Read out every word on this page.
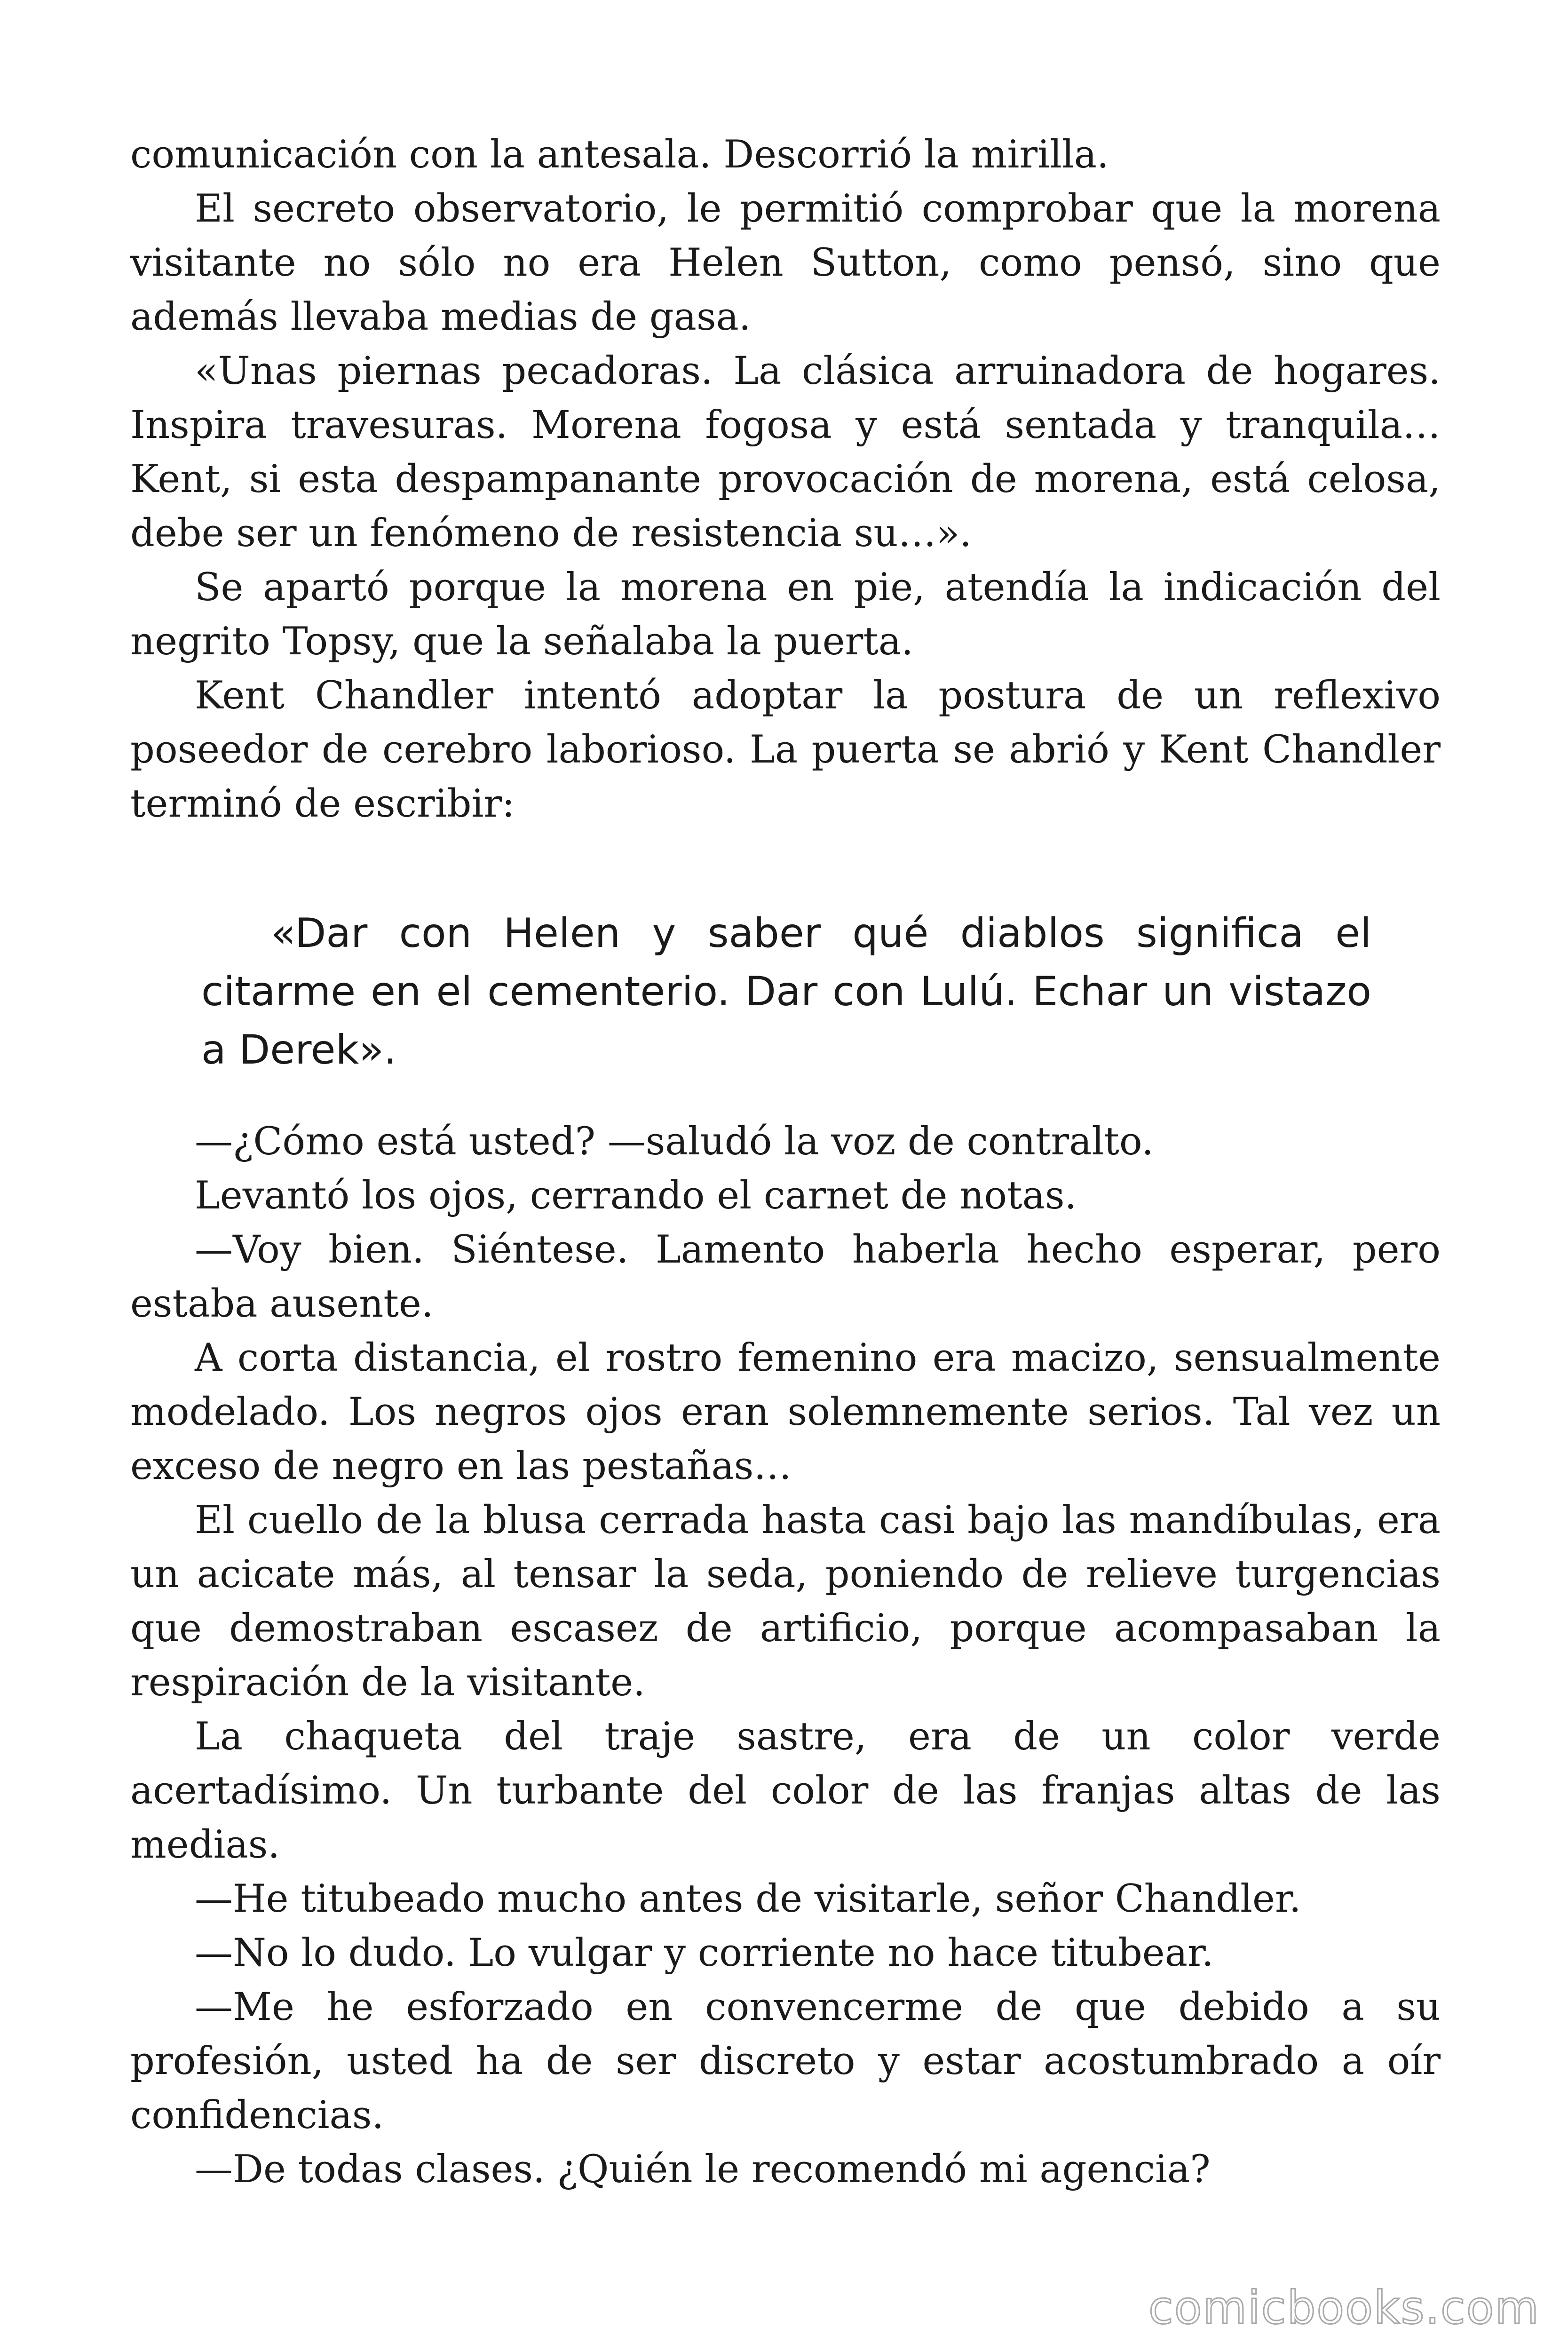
comunicación con la antesala. Descorrió la mirilla.

El secreto observatorio, le permitió comprobar que la morena visitante no sólo no era Helen Sutton, como pensó, sino que además llevaba medias de gasa.

«Unas piernas pecadoras. La clásica arruinadora de hogares. Inspira travesuras. Morena fogosa y está sentada y tranquila… Kent, si esta despampanante provocación de morena, está celosa, debe ser un fenómeno de resistencia su…».

Se apartó porque la morena en pie, atendía la indicación del negrito Topsy, que la señalaba la puerta.

Kent Chandler intentó adoptar la postura de un reflexivo poseedor de cerebro laborioso. La puerta se abrió y Kent Chandler terminó de escribir:

«Dar con Helen y saber qué diablos significa el citarme en el cementerio. Dar con Lulú. Echar un vistazo a Derek».

—¿Cómo está usted? —saludó la voz de contralto.

Levantó los ojos, cerrando el carnet de notas.

—Voy bien. Siéntese. Lamento haberla hecho esperar, pero estaba ausente.

A corta distancia, el rostro femenino era macizo, sensualmente modelado. Los negros ojos eran solemnemente serios. Tal vez un exceso de negro en las pestañas…

El cuello de la blusa cerrada hasta casi bajo las mandíbulas, era un acicate más, al tensar la seda, poniendo de relieve turgencias que demostraban escasez de artificio, porque acompasaban la respiración de la visitante.

La chaqueta del traje sastre, era de un color verde acertadísimo. Un turbante del color de las franjas altas de las medias.

—He titubeado mucho antes de visitarle, señor Chandler.

—No lo dudo. Lo vulgar y corriente no hace titubear.

—Me he esforzado en convencerme de que debido a su profesión, usted ha de ser discreto y estar acostumbrado a oír confidencias.

—De todas clases. ¿Quién le recomendó mi agencia?

comicbooks.com
